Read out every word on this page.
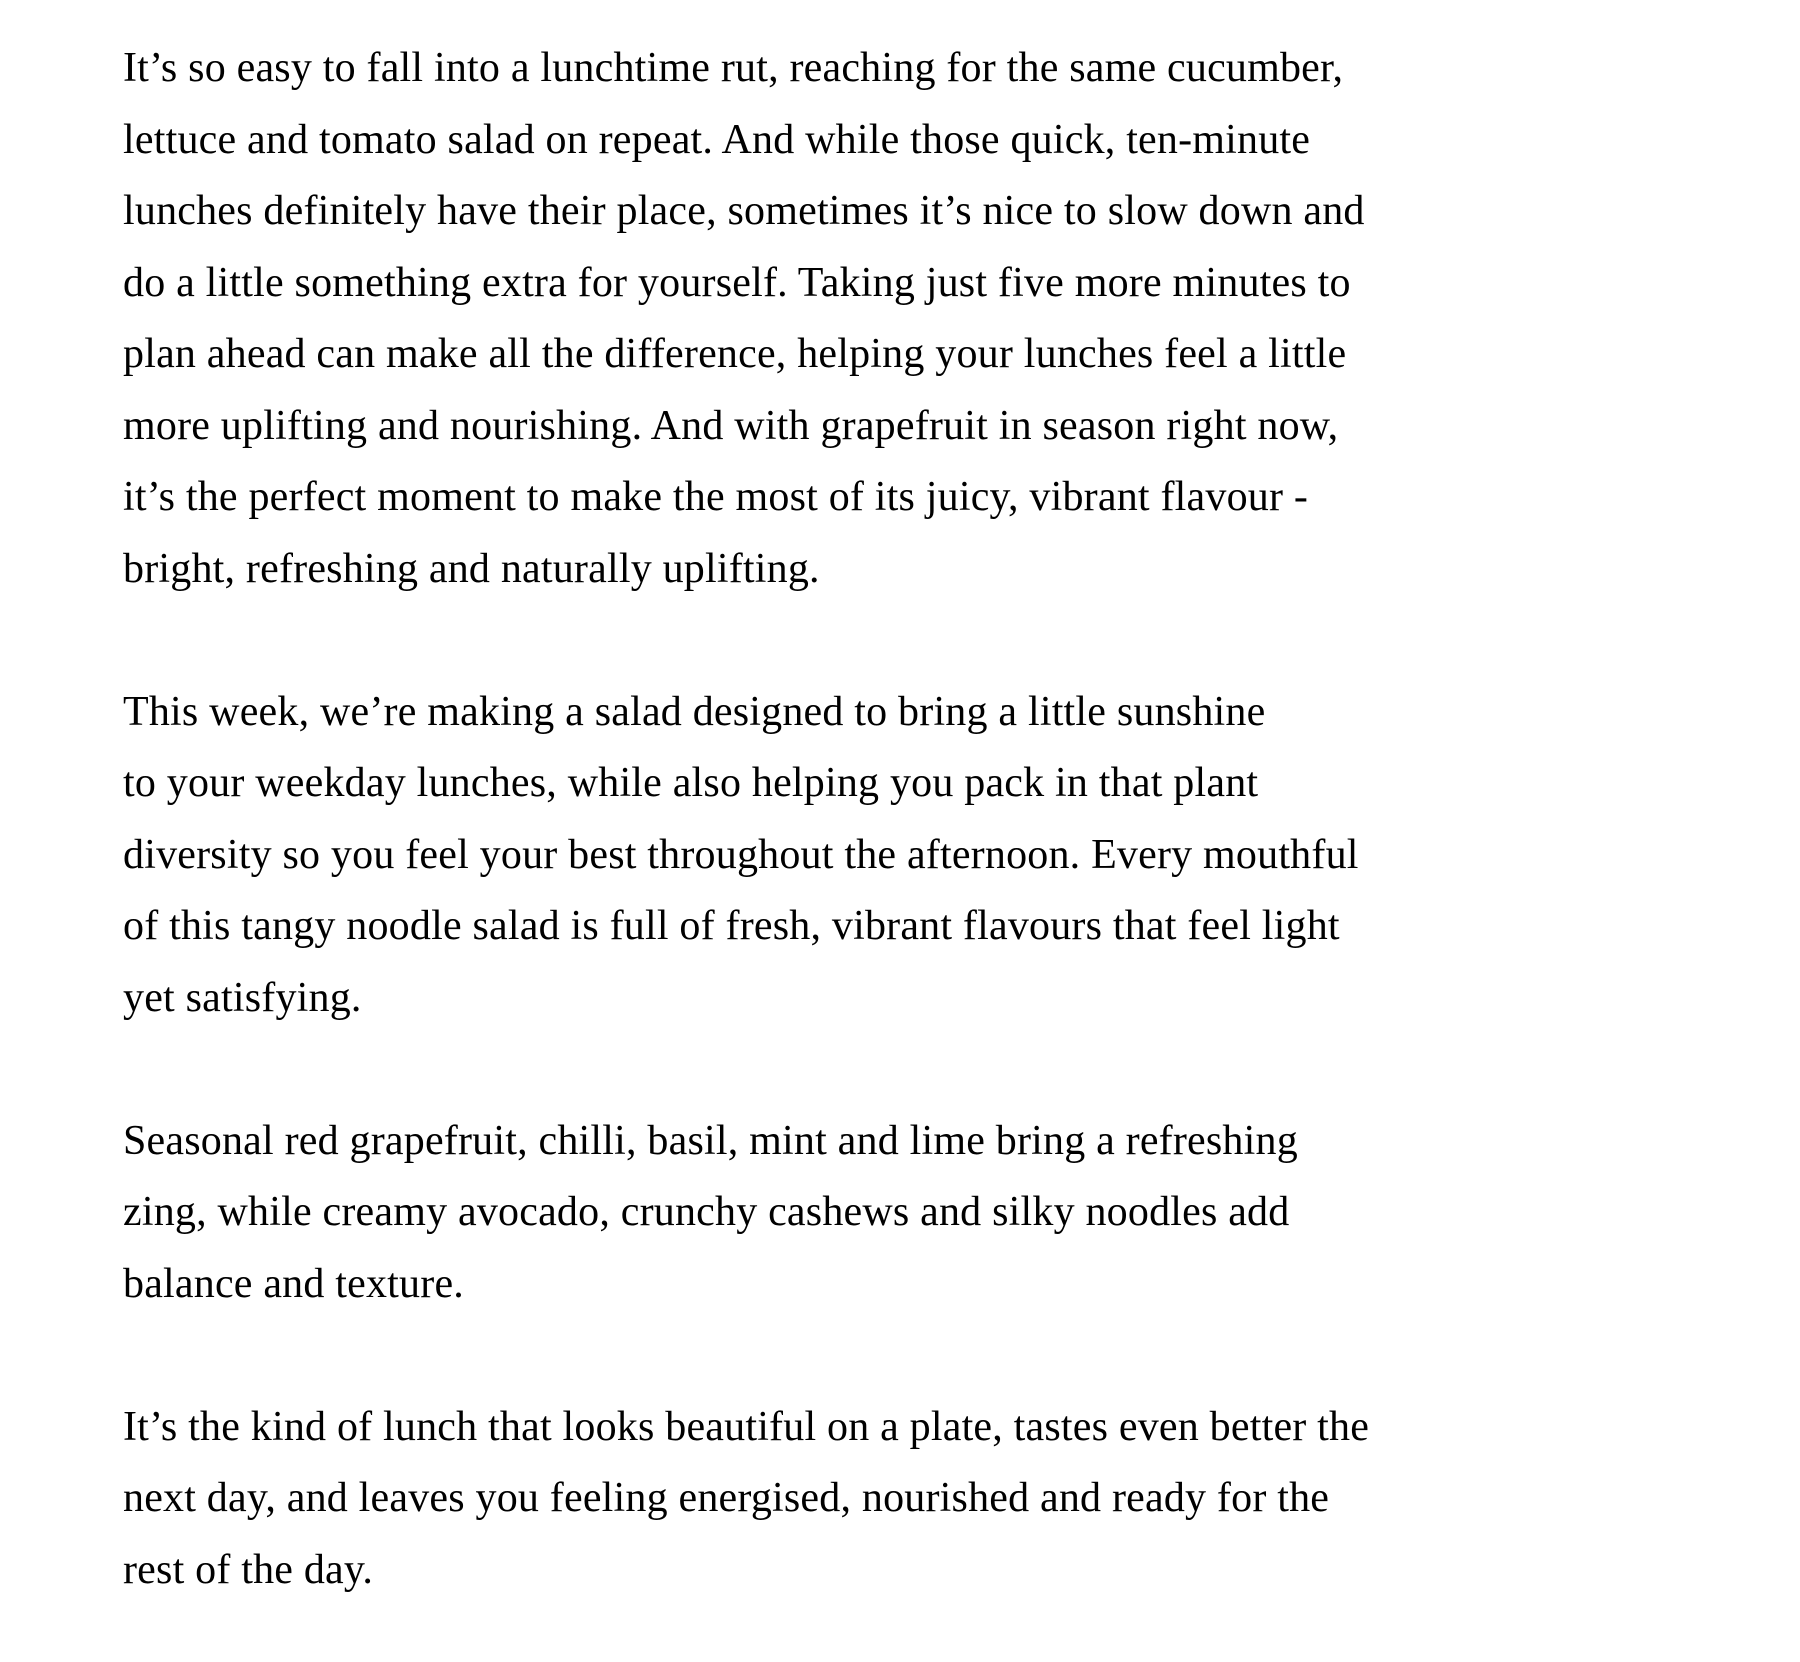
It’s so easy to fall into a lunchtime rut, reaching for the same cucumber,
lettuce and tomato salad on repeat. And while those quick, ten-minute
lunches definitely have their place, sometimes it’s nice to slow down and
do a little something extra for yourself. Taking just five more minutes to
plan ahead can make all the difference, helping your lunches feel a little
more uplifting and nourishing. And with grapefruit in season right now,
it’s the perfect moment to make the most of its juicy, vibrant flavour -
bright, refreshing and naturally uplifting.
This week, we’re making a salad designed to bring a little sunshine
to your weekday lunches, while also helping you pack in that plant
diversity so you feel your best throughout the afternoon. Every mouthful
of this tangy noodle salad is full of fresh, vibrant flavours that feel light
yet satisfying.
Seasonal red grapefruit, chilli, basil, mint and lime bring a refreshing
zing, while creamy avocado, crunchy cashews and silky noodles add
balance and texture.
It’s the kind of lunch that looks beautiful on a plate, tastes even better the
next day, and leaves you feeling energised, nourished and ready for the
rest of the day.
